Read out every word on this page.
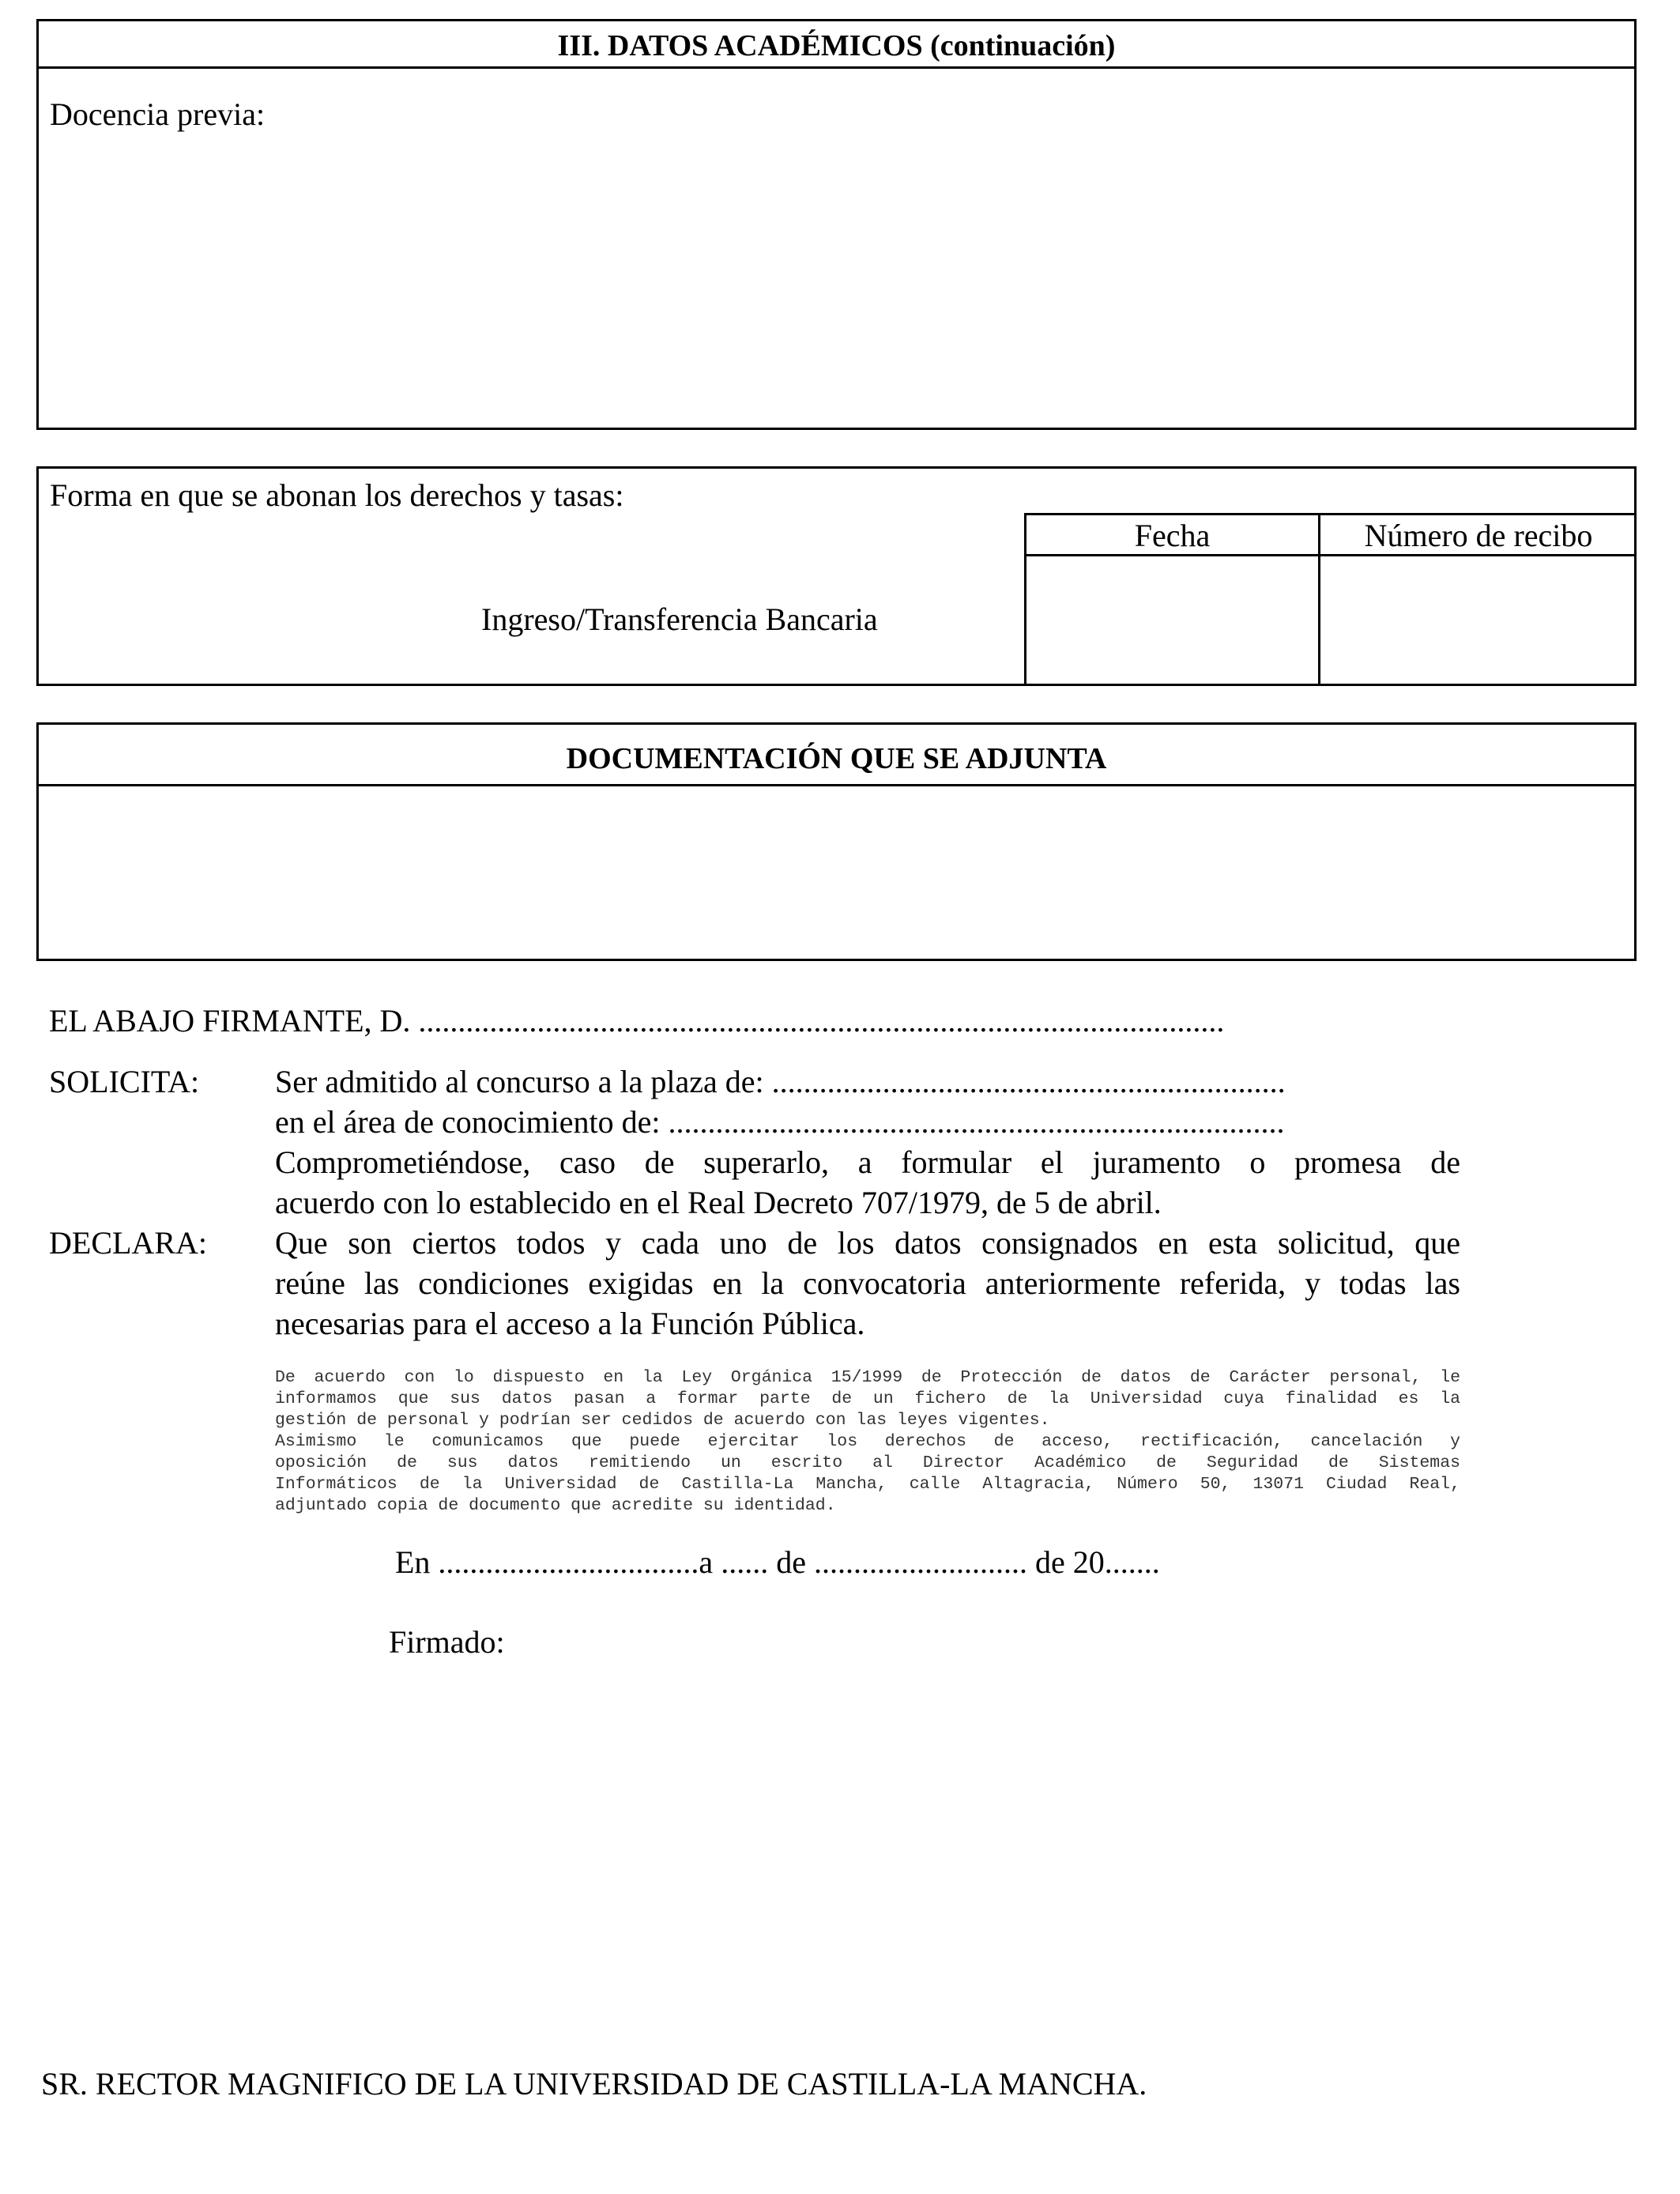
III. DATOS ACADÉMICOS (continuación)
Docencia previa:
Forma en que se abonan los derechos y tasas:
Ingreso/Transferencia Bancaria
Fecha	Número de recibo
DOCUMENTACIÓN QUE SE ADJUNTA
EL ABAJO FIRMANTE, D. ......................................................................................................
SOLICITA: Ser admitido al concurso a la plaza de: .................................................................
en el área de conocimiento de: ..............................................................................
Comprometiéndose, caso de superarlo, a formular el juramento o promesa de
acuerdo con lo establecido en el Real Decreto 707/1979, de 5 de abril.
DECLARA: Que son ciertos todos y cada uno de los datos consignados en esta solicitud, que
reúne las condiciones exigidas en la convocatoria anteriormente referida, y todas las
necesarias para el acceso a la Función Pública.
De acuerdo con lo dispuesto en la Ley Orgánica 15/1999 de Protección de datos de Carácter personal, le
informamos que sus datos pasan a formar parte de un fichero de la Universidad cuya finalidad es la
gestión de personal y podrían ser cedidos de acuerdo con las leyes vigentes.
Asimismo le comunicamos que puede ejercitar los derechos de acceso, rectificación, cancelación y
oposición de sus datos remitiendo un escrito al Director Académico de Seguridad de Sistemas
Informáticos de la Universidad de Castilla-La Mancha, calle Altagracia, Número 50, 13071 Ciudad Real,
adjuntado copia de documento que acredite su identidad.
En .................................a ...... de ........................... de 20.......
Firmado:
SR. RECTOR MAGNIFICO DE LA UNIVERSIDAD DE CASTILLA-LA MANCHA.
